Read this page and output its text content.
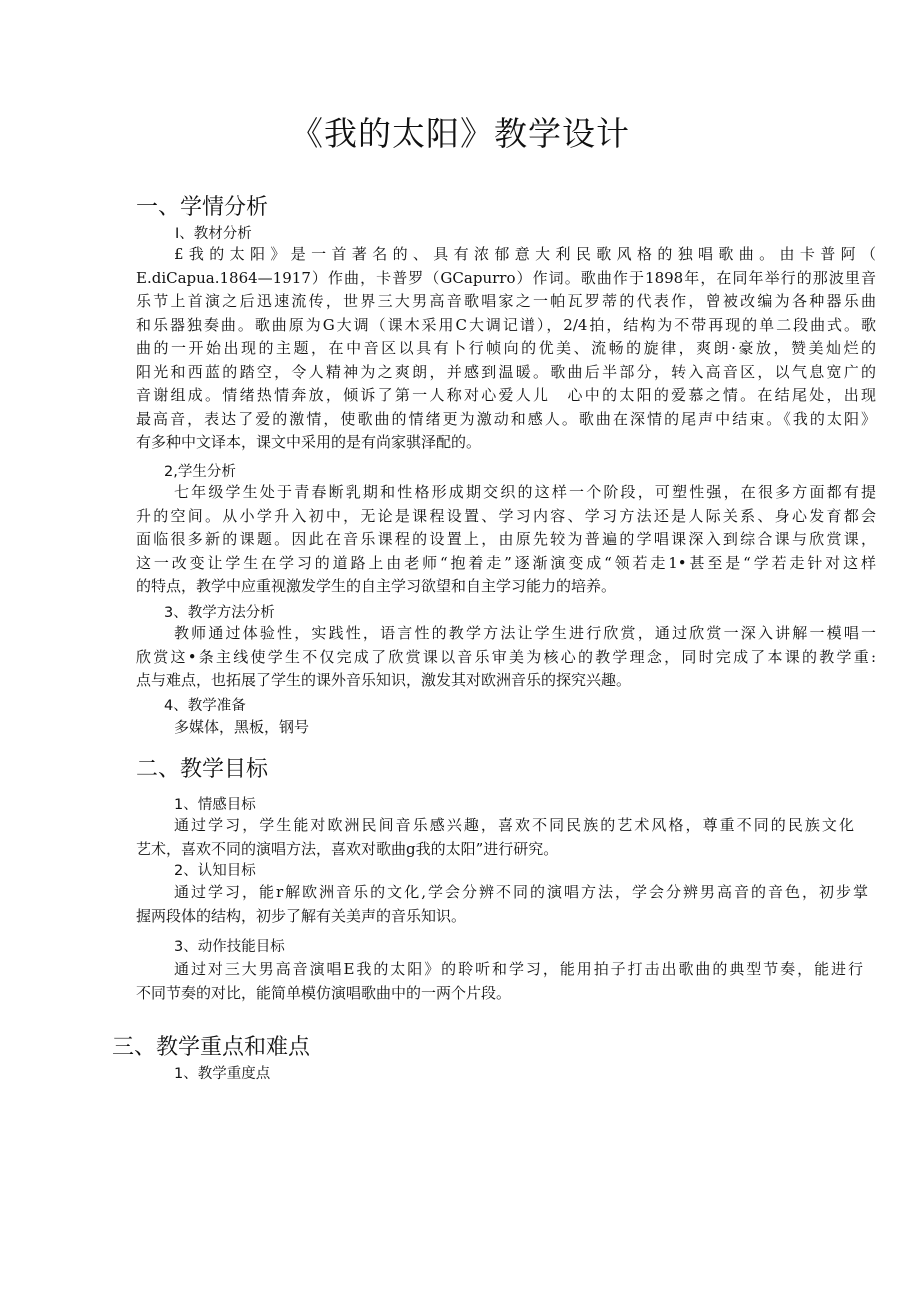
《我的太阳》教学设计
一、学情分析
I、教材分析
£我的太阳》是一首著名的、具有浓郁意大利民歌风格的独唱歌曲。由卡普阿（
E.diCapua.1864—1917）作曲，卡普罗（GCapurro）作词。歌曲作于1898年，在同年举行的那波里音
乐节上首演之后迅速流传，世界三大男高音歌唱家之一帕瓦罗蒂的代表作，曾被改编为各种器乐曲
和乐器独奏曲。歌曲原为G大调（课木采用C大调记谱），2/4拍，结构为不带再现的单二段曲式。歌
曲的一开始出现的主题，在中音区以具有卜行帧向的优美、流畅的旋律，爽朗·豪放，赞美灿烂的
阳光和西蓝的踏空，令人精神为之爽朗，并感到温暖。歌曲后半部分，转入高音区，以气息宽广的
音谢组成。情绪热情奔放，倾诉了第一人称对心爱人儿　心中的太阳的爱慕之情。在结尾处，出现
最高音，表达了爱的激情，使歌曲的情绪更为激动和感人。歌曲在深情的尾声中结束。《我的太阳》
有多种中文译本，课文中采用的是有尚家骐泽配的。
2,学生分析
七年级学生处于青春断乳期和性格形成期交织的这样一个阶段，可塑性强，在很多方面都有提
升的空间。从小学升入初中，无论是课程设置、学习内容、学习方法还是人际关系、身心发育都会
面临很多新的课题。因此在音乐课程的设置上，由原先较为普遍的学唱课深入到综合课与欣赏课，
这一改变让学生在学习的道路上由老师“抱着走”逐渐演变成“领若走1•甚至是“学若走针对这样
的特点，教学中应重视激发学生的自主学习欲望和自主学习能力的培养。
3、教学方法分析
教师通过体验性，实践性，语言性的教学方法让学生进行欣赏，通过欣赏一深入讲解一模唱一
欣赏这•条主线使学生不仅完成了欣赏课以音乐审美为核心的教学理念，同时完成了本课的教学重:
点与难点，也拓展了学生的课外音乐知识，激发其对欧洲音乐的探究兴趣。
4、教学准备
多媒体，黑板，钢号
二、教学目标
1、情感目标
通过学习，学生能对欧洲民间音乐感兴趣，喜欢不同民族的艺术风格，尊重不同的民族文化
艺术，喜欢不同的演唱方法，喜欢对歌曲g我的太阳”进行研究。
2、认知目标
通过学习，能r解欧洲音乐的文化,学会分辨不同的演唱方法，学会分辨男高音的音色，初步掌
握两段体的结构，初步了解有关美声的音乐知识。
3、动作技能目标
通过对三大男高音演唱E我的太阳》的聆听和学习，能用拍子打击出歌曲的典型节奏，能进行
不同节奏的对比，能简单模仿演唱歌曲中的一两个片段。
三、教学重点和难点
1、教学重度点
